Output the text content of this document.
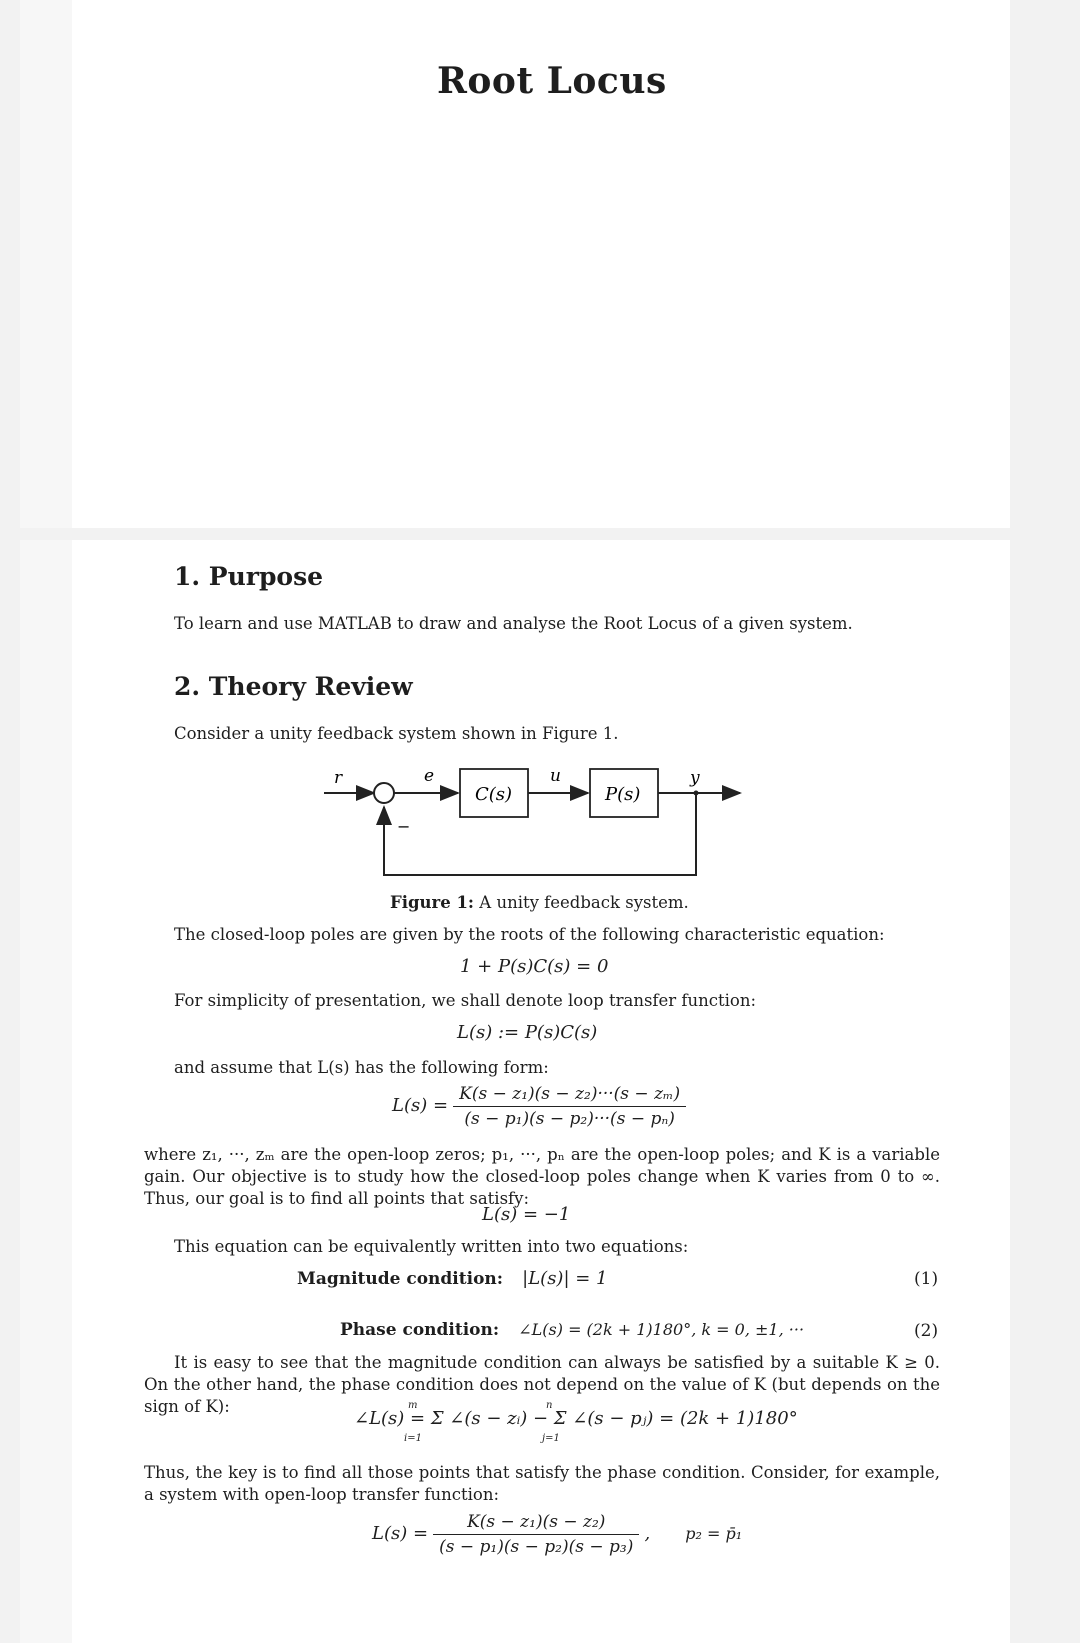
Root Locus
1. Purpose
To learn and use MATLAB to draw and analyse the Root Locus of a given system.
2. Theory Review
Consider a unity feedback system shown in Figure 1.
r	e
C(s)
u
P(s)
y
−
Figure 1: A unity feedback system.
The closed-loop poles are given by the roots of the following characteristic equation:
1 + P(s)C(s) = 0
For simplicity of presentation, we shall denote loop transfer function:
L(s) := P(s)C(s)
and assume that L(s) has the following form:
$L(s) = \frac{\text{K(s − z₁)(s − z₂)···(s − zₘ)}}{\text{(s − p₁)(s − p₂)···(s − pₙ)}}$
where z₁, ···, zₘ are the open-loop zeros; p₁, ···, pₙ are the open-loop poles; and K is a variable gain. Our objective is to study how the closed-loop poles change when K varies from 0 to ∞. Thus, our goal is to find all points that satisfy:
L(s) = −1
This equation can be equivalently written into two equations:
Magnitude condition: |L(s)| = 1	(1)
Phase condition: ∠L(s) = (2k + 1)180°, k = 0, ±1, ···	(2)
It is easy to see that the magnitude condition can always be satisfied by a suitable K ≥ 0. On the other hand, the phase condition does not depend on the value of K (but depends on the sign of K):
∠L(s) = Σ ∠(s − zᵢ) − Σ ∠(s − pⱼ) = (2k + 1)180°
m
i=1
n
j=1
Thus, the key is to find all those points that satisfy the phase condition. Consider, for example, a system with open-loop transfer function:
$L(s) = \frac{\text{K(s − z₁)(s − z₂)}}{\text{(s − p₁)(s − p₂)(s − p₃)}}$ , p₂ = p̄₁
